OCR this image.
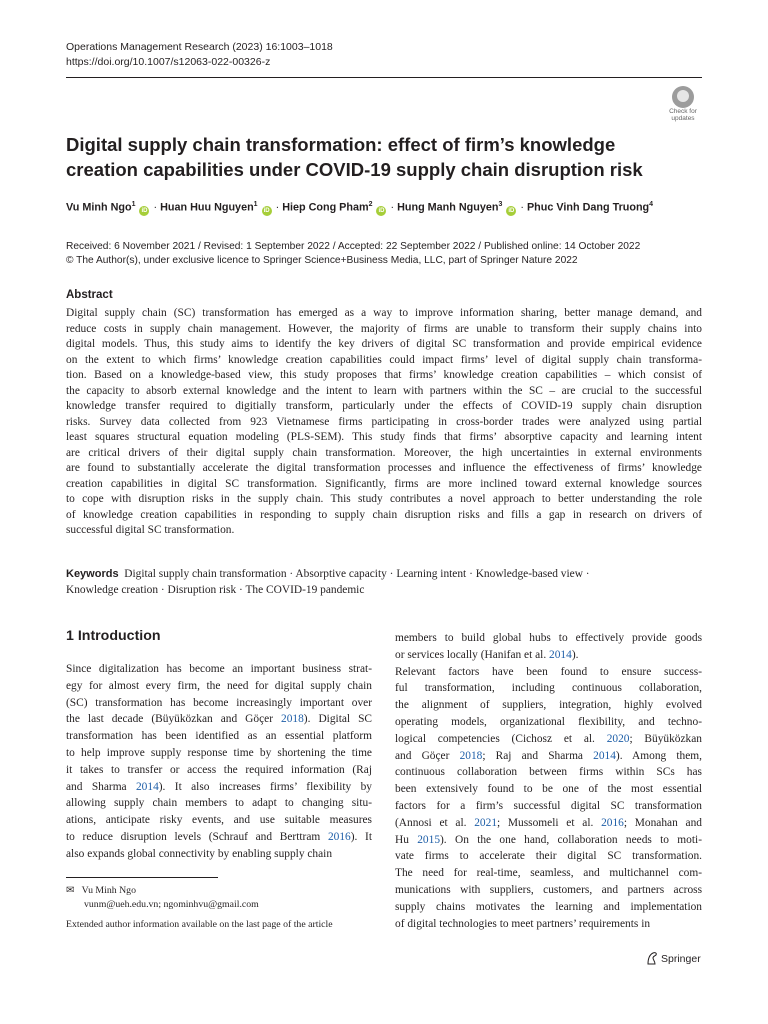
Operations Management Research (2023) 16:1003–1018
https://doi.org/10.1007/s12063-022-00326-z
Check for
updates
Digital supply chain transformation: effect of firm’s knowledge
creation capabilities under COVID-19 supply chain disruption risk
Vu Minh Ngo$^1$ iD · Huan Huu Nguyen$^1$ iD · Hiep Cong Pham$^2$ iD · Hung Manh Nguyen$^3$ iD · Phuc Vinh Dang Truong$^4$
Received: 6 November 2021 / Revised: 1 September 2022 / Accepted: 22 September 2022 / Published online: 14 October 2022
© The Author(s), under exclusive licence to Springer Science+Business Media, LLC, part of Springer Nature 2022
Abstract
Digital supply chain (SC) transformation has emerged as a way to improve information sharing, better manage demand, and
reduce costs in supply chain management. However, the majority of firms are unable to transform their supply chains into
digital models. Thus, this study aims to identify the key drivers of digital SC transformation and provide empirical evidence
on the extent to which firms’ knowledge creation capabilities could impact firms’ level of digital supply chain transforma-
tion. Based on a knowledge-based view, this study proposes that firms’ knowledge creation capabilities – which consist of
the capacity to absorb external knowledge and the intent to learn with partners within the SC – are crucial to the successful
knowledge transfer required to digitially transform, particularly under the effects of COVID-19 supply chain disruption
risks. Survey data collected from 923 Vietnamese firms participating in cross-border trades were analyzed using partial
least squares structural equation modeling (PLS-SEM). This study finds that firms’ absorptive capacity and learning intent
are critical drivers of their digital supply chain transformation. Moreover, the high uncertainties in external environments
are found to substantially accelerate the digital transformation processes and influence the effectiveness of firms’ knowledge
creation capabilities in digital SC transformation. Significantly, firms are more inclined toward external knowledge sources
to cope with disruption risks in the supply chain. This study contributes a novel approach to better understanding the role
of knowledge creation capabilities in responding to supply chain disruption risks and fills a gap in research on drivers of
successful digital SC transformation.
Keywords Digital supply chain transformation · Absorptive capacity · Learning intent · Knowledge-based view ·
Knowledge creation · Disruption risk · The COVID-19 pandemic
1 Introduction
Since digitalization has become an important business strat-
egy for almost every firm, the need for digital supply chain
(SC) transformation has become increasingly important over
the last decade (Büyüközkan and Göçer 2018). Digital SC
transformation has been identified as an essential platform
to help improve supply response time by shortening the time
it takes to transfer or access the required information (Raj
and Sharma 2014). It also increases firms’ flexibility by
allowing supply chain members to adapt to changing situ-
ations, anticipate risky events, and use suitable measures
to reduce disruption levels (Schrauf and Berttram 2016). It
also expands global connectivity by enabling supply chain
members to build global hubs to effectively provide goods
or services locally (Hanifan et al. 2014).
Relevant factors have been found to ensure success-
ful transformation, including continuous collaboration,
the alignment of suppliers, integration, highly evolved
operating models, organizational flexibility, and techno-
logical competencies (Cichosz et al. 2020; Büyüközkan
and Göçer 2018; Raj and Sharma 2014). Among them,
continuous collaboration between firms within SCs has
been extensively found to be one of the most essential
factors for a firm’s successful digital SC transformation
(Annosi et al. 2021; Mussomeli et al. 2016; Monahan and
Hu 2015). On the one hand, collaboration needs to moti-
vate firms to accelerate their digital SC transformation.
The need for real-time, seamless, and multichannel com-
munications with suppliers, customers, and partners across
supply chains motivates the learning and implementation
of digital technologies to meet partners’ requirements in
✉ Vu Minh Ngo
vunm@ueh.edu.vn; ngominhvu@gmail.com
Extended author information available on the last page of the article
Springer
